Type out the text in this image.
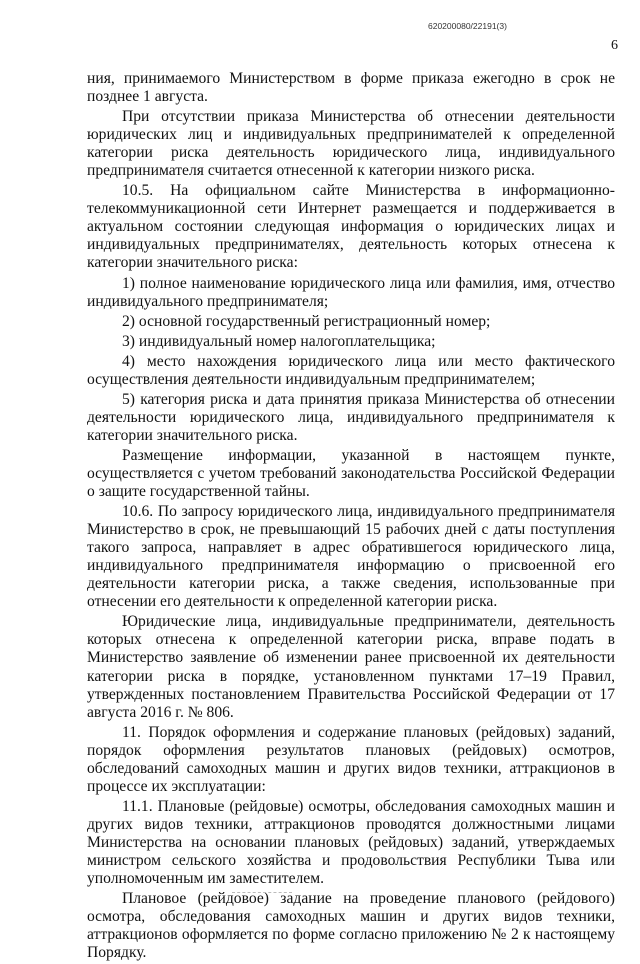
620200080/22191(3)
6

ния, принимаемого Министерством в форме приказа ежегодно в срок не позднее 1 августа.

При отсутствии приказа Министерства об отнесении деятельности юридических лиц и индивидуальных предпринимателей к определенной категории риска деятельность юридического лица, индивидуального предпринимателя считается отнесенной к категории низкого риска.

10.5. На официальном сайте Министерства в информационно-телекоммуникационной сети Интернет размещается и поддерживается в актуальном состоянии следующая информация о юридических лицах и индивидуальных предпринимателях, деятельность которых отнесена к категории значительного риска:

1) полное наименование юридического лица или фамилия, имя, отчество индивидуального предпринимателя;

2) основной государственный регистрационный номер;

3) индивидуальный номер налогоплательщика;

4) место нахождения юридического лица или место фактического осуществления деятельности индивидуальным предпринимателем;

5) категория риска и дата принятия приказа Министерства об отнесении деятельности юридического лица, индивидуального предпринимателя к категории значительного риска.

Размещение информации, указанной в настоящем пункте, осуществляется с учетом требований законодательства Российской Федерации о защите государственной тайны.

10.6. По запросу юридического лица, индивидуального предпринимателя Министерство в срок, не превышающий 15 рабочих дней с даты поступления такого запроса, направляет в адрес обратившегося юридического лица, индивидуального предпринимателя информацию о присвоенной его деятельности категории риска, а также сведения, использованные при отнесении его деятельности к определенной категории риска.

Юридические лица, индивидуальные предприниматели, деятельность которых отнесена к определенной категории риска, вправе подать в Министерство заявление об изменении ранее присвоенной их деятельности категории риска в порядке, установленном пунктами 17–19 Правил, утвержденных постановлением Правительства Российской Федерации от 17 августа 2016 г. № 806.

11. Порядок оформления и содержание плановых (рейдовых) заданий, порядок оформления результатов плановых (рейдовых) осмотров, обследований самоходных машин и других видов техники, аттракционов в процессе их эксплуатации:

11.1. Плановые (рейдовые) осмотры, обследования самоходных машин и других видов техники, аттракционов проводятся должностными лицами Министерства на основании плановых (рейдовых) заданий, утверждаемых министром сельского хозяйства и продовольствия Республики Тыва или уполномоченным им заместителем.

Плановое (рейдовое) задание на проведение планового (рейдового) осмотра, обследования самоходных машин и других видов техники, аттракционов оформляется по форме согласно приложению № 2 к настоящему Порядку.
